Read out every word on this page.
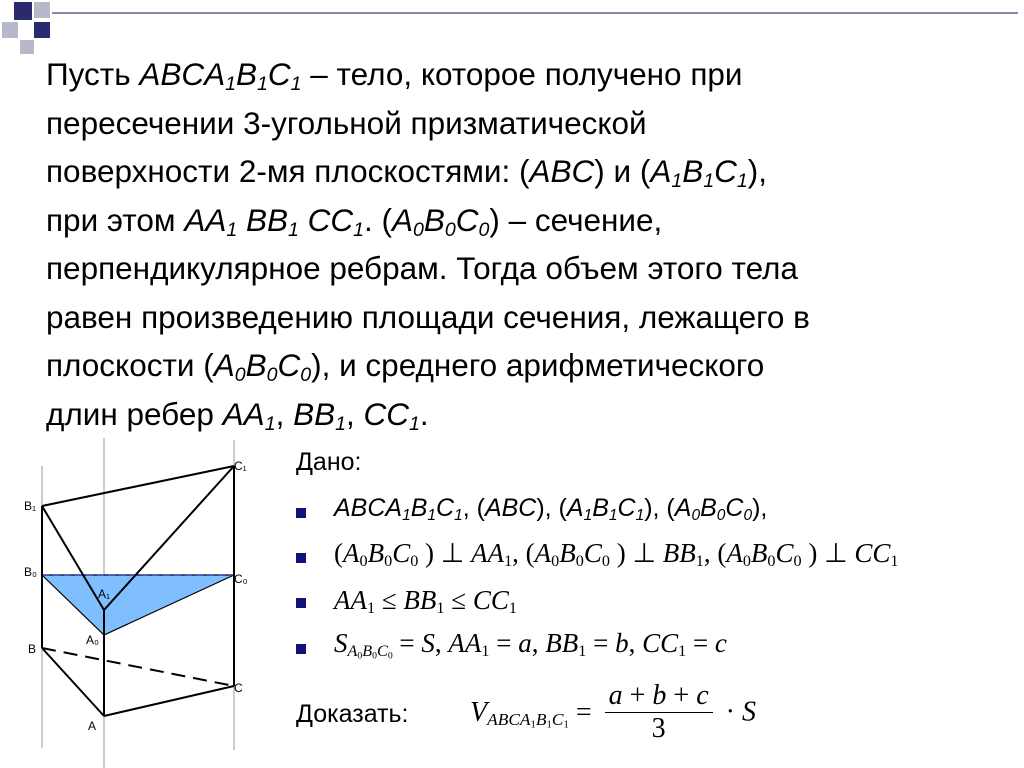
Пусть $ABCA_1B_1C_1$ – тело, которое получено при

пересечении 3-угольной призматической

поверхности 2-мя плоскостями: (ABC) и $(A_1B_1C_1)$,

при этом $AA_1$ $BB_1$ $CC_1$. $(A_0B_0C_0)$ – сечение,

перпендикулярное ребрам. Тогда объем этого тела

равен произведению площади сечения, лежащего в

плоскости $(A_0B_0C_0)$, и среднего арифметического

длин ребер $AA_1$, $BB_1$, $CC_1$.

B₁
B₀
B
A
A₀
A₁
C₁
C₀
C
Дано:
$ABCA_1B_1C_1$, (ABC), $(A_1B_1C_1)$, $(A_0B_0C_0)$,
($A_0B_0C_0$ ) ⊥ $AA_1$, ($A_0B_0C_0$ ) ⊥ $BB_1$, ($A_0B_0C_0$ ) ⊥ $CC_1$
$AA_1 \le BB_1 \le CC_1$
$S_{A_0B_0C_0} = S$, $AA_1 = a$, $BB_1 = b$, $CC_1 = c$
Доказать: $V_{ABCA_1B_1C_1} = \frac{a + b + c}{3} \cdot S$
